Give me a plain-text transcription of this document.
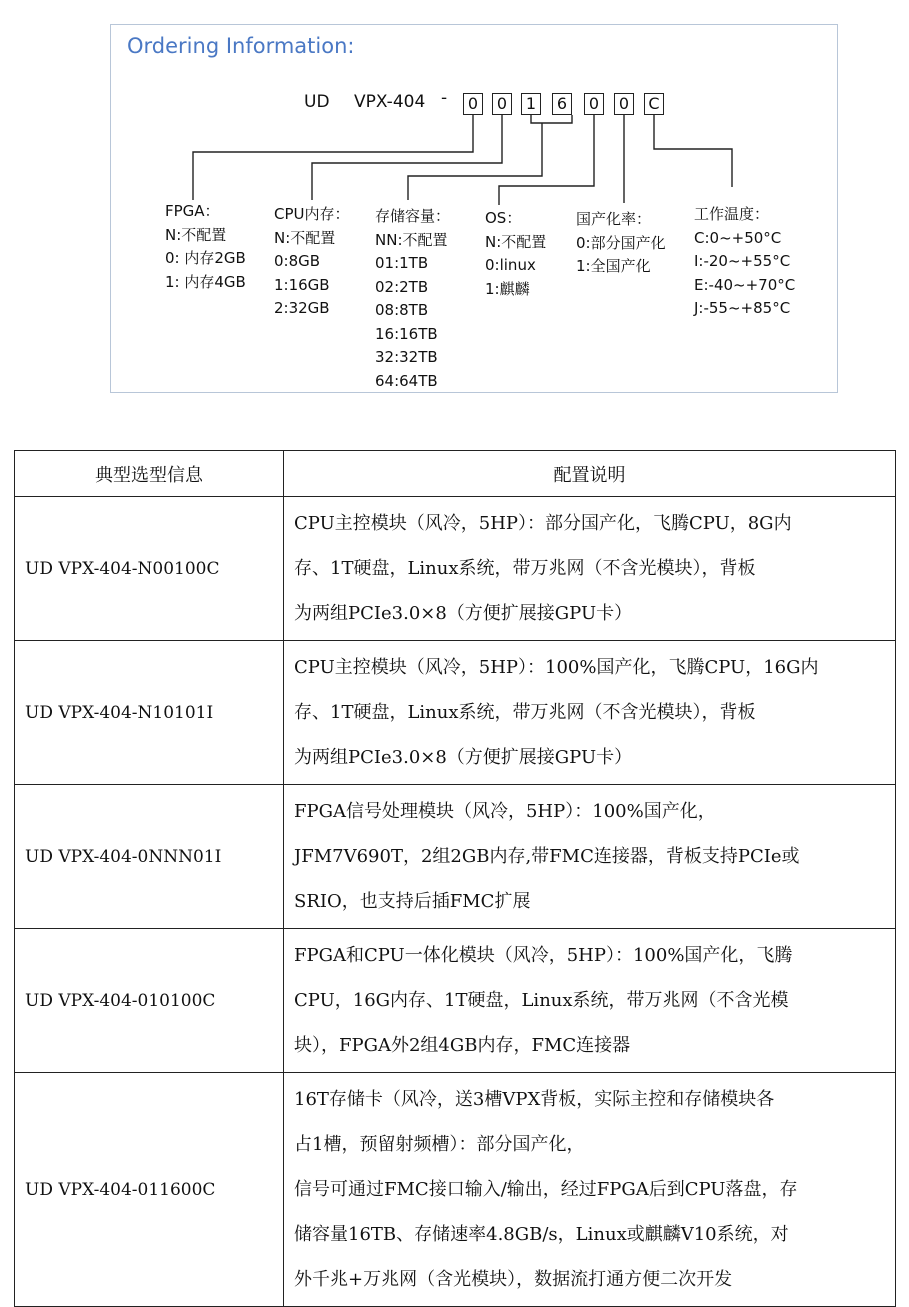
Ordering Information:
UD VPX-404 -	0	0	1	6	0	0	C
FPGA：
N:不配置
0: 内存2GB
1: 内存4GB
CPU内存：
N:不配置
0:8GB
1:16GB
2:32GB
存储容量：
NN:不配置
01:1TB
02:2TB
08:8TB
16:16TB
32:32TB
64:64TB
OS：
N:不配置
0:linux
1:麒麟
国产化率：
0:部分国产化
1:全国产化
工作温度：
C:0~+50°C
I:-20~+55°C
E:-40~+70°C
J:-55~+85°C
典型选型信息	配置说明
UD VPX-404-N00100C	CPU主控模块（风冷，5HP）：部分国产化，飞腾CPU，8G内
存、1T硬盘，Linux系统，带万兆网（不含光模块），背板
为两组PCIe3.0×8（方便扩展接GPU卡）

UD VPX-404-N10101I	CPU主控模块（风冷，5HP）：100%国产化，飞腾CPU，16G内
存、1T硬盘，Linux系统，带万兆网（不含光模块），背板
为两组PCIe3.0×8（方便扩展接GPU卡）

UD VPX-404-0NNN01I	FPGA信号处理模块（风冷，5HP）：100%国产化，
JFM7V690T，2组2GB内存,带FMC连接器，背板支持PCIe或
SRIO，也支持后插FMC扩展

UD VPX-404-010100C	FPGA和CPU一体化模块（风冷，5HP）：100%国产化，飞腾
CPU，16G内存、1T硬盘，Linux系统，带万兆网（不含光模
块），FPGA外2组4GB内存，FMC连接器

UD VPX-404-011600C	16T存储卡（风冷，送3槽VPX背板，实际主控和存储模块各
占1槽，预留射频槽）：部分国产化，
信号可通过FMC接口输入/输出，经过FPGA后到CPU落盘，存
储容量16TB、存储速率4.8GB/s，Linux或麒麟V10系统，对
外千兆+万兆网（含光模块），数据流打通方便二次开发
